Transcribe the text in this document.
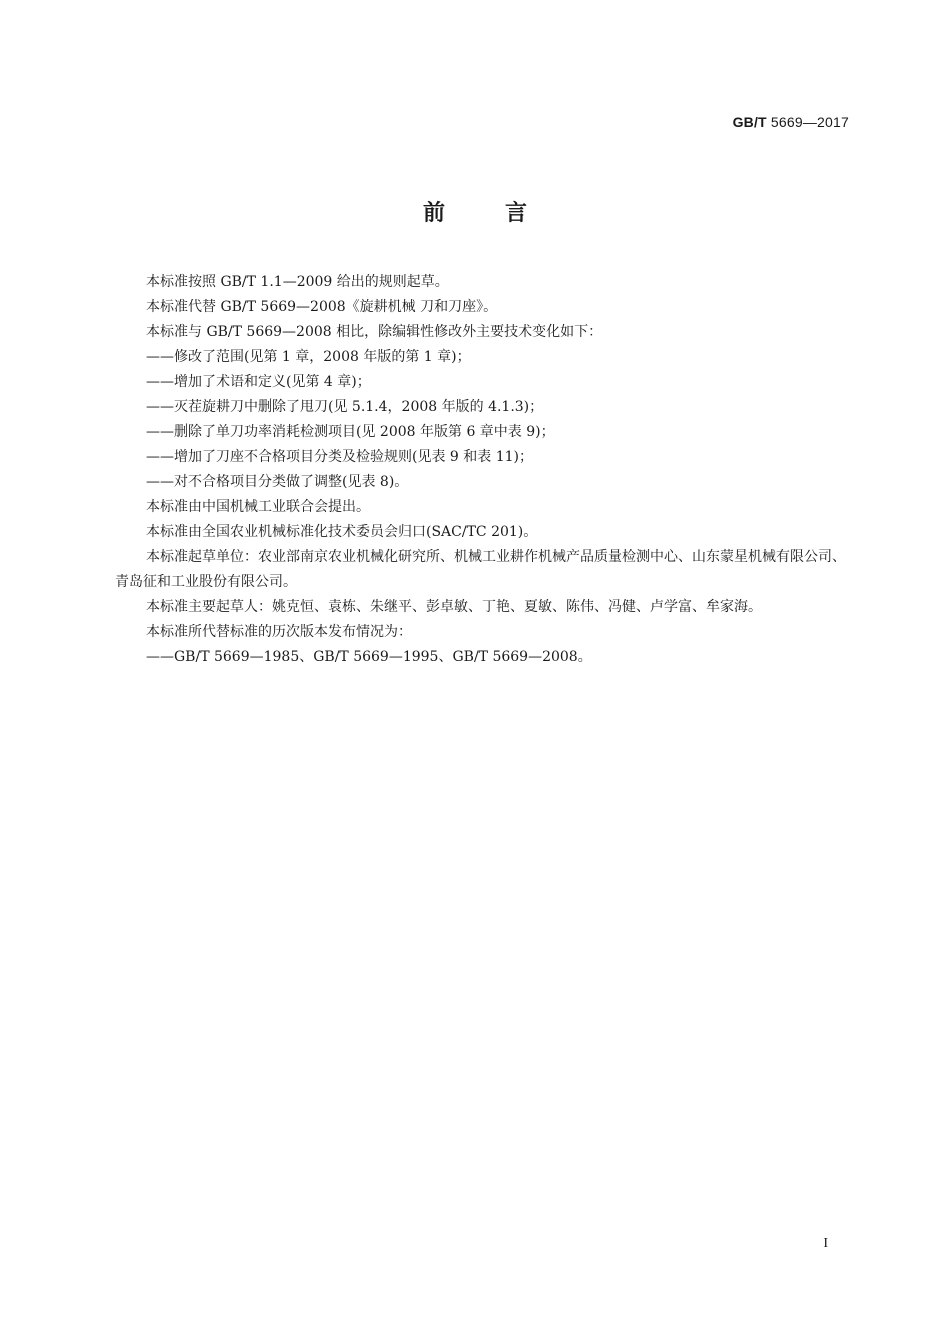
GB/T 5669—2017
前言

本标准按照 GB/T 1.1—2009 给出的规则起草。

本标准代替 GB/T 5669—2008《旋耕机械 刀和刀座》。

本标准与 GB/T 5669—2008 相比，除编辑性修改外主要技术变化如下：

——修改了范围(见第 1 章，2008 年版的第 1 章)；

——增加了术语和定义(见第 4 章)；

——灭茬旋耕刀中删除了甩刀(见 5.1.4，2008 年版的 4.1.3)；

——删除了单刀功率消耗检测项目(见 2008 年版第 6 章中表 9)；

——增加了刀座不合格项目分类及检验规则(见表 9 和表 11)；

——对不合格项目分类做了调整(见表 8)。

本标准由中国机械工业联合会提出。

本标准由全国农业机械标准化技术委员会归口(SAC/TC 201)。

本标准起草单位：农业部南京农业机械化研究所、机械工业耕作机械产品质量检测中心、山东蒙星机械有限公司、青岛征和工业股份有限公司。

本标准主要起草人：姚克恒、袁栋、朱继平、彭卓敏、丁艳、夏敏、陈伟、冯健、卢学富、牟家海。

本标准所代替标准的历次版本发布情况为：

——GB/T 5669—1985、GB/T 5669—1995、GB/T 5669—2008。

I
